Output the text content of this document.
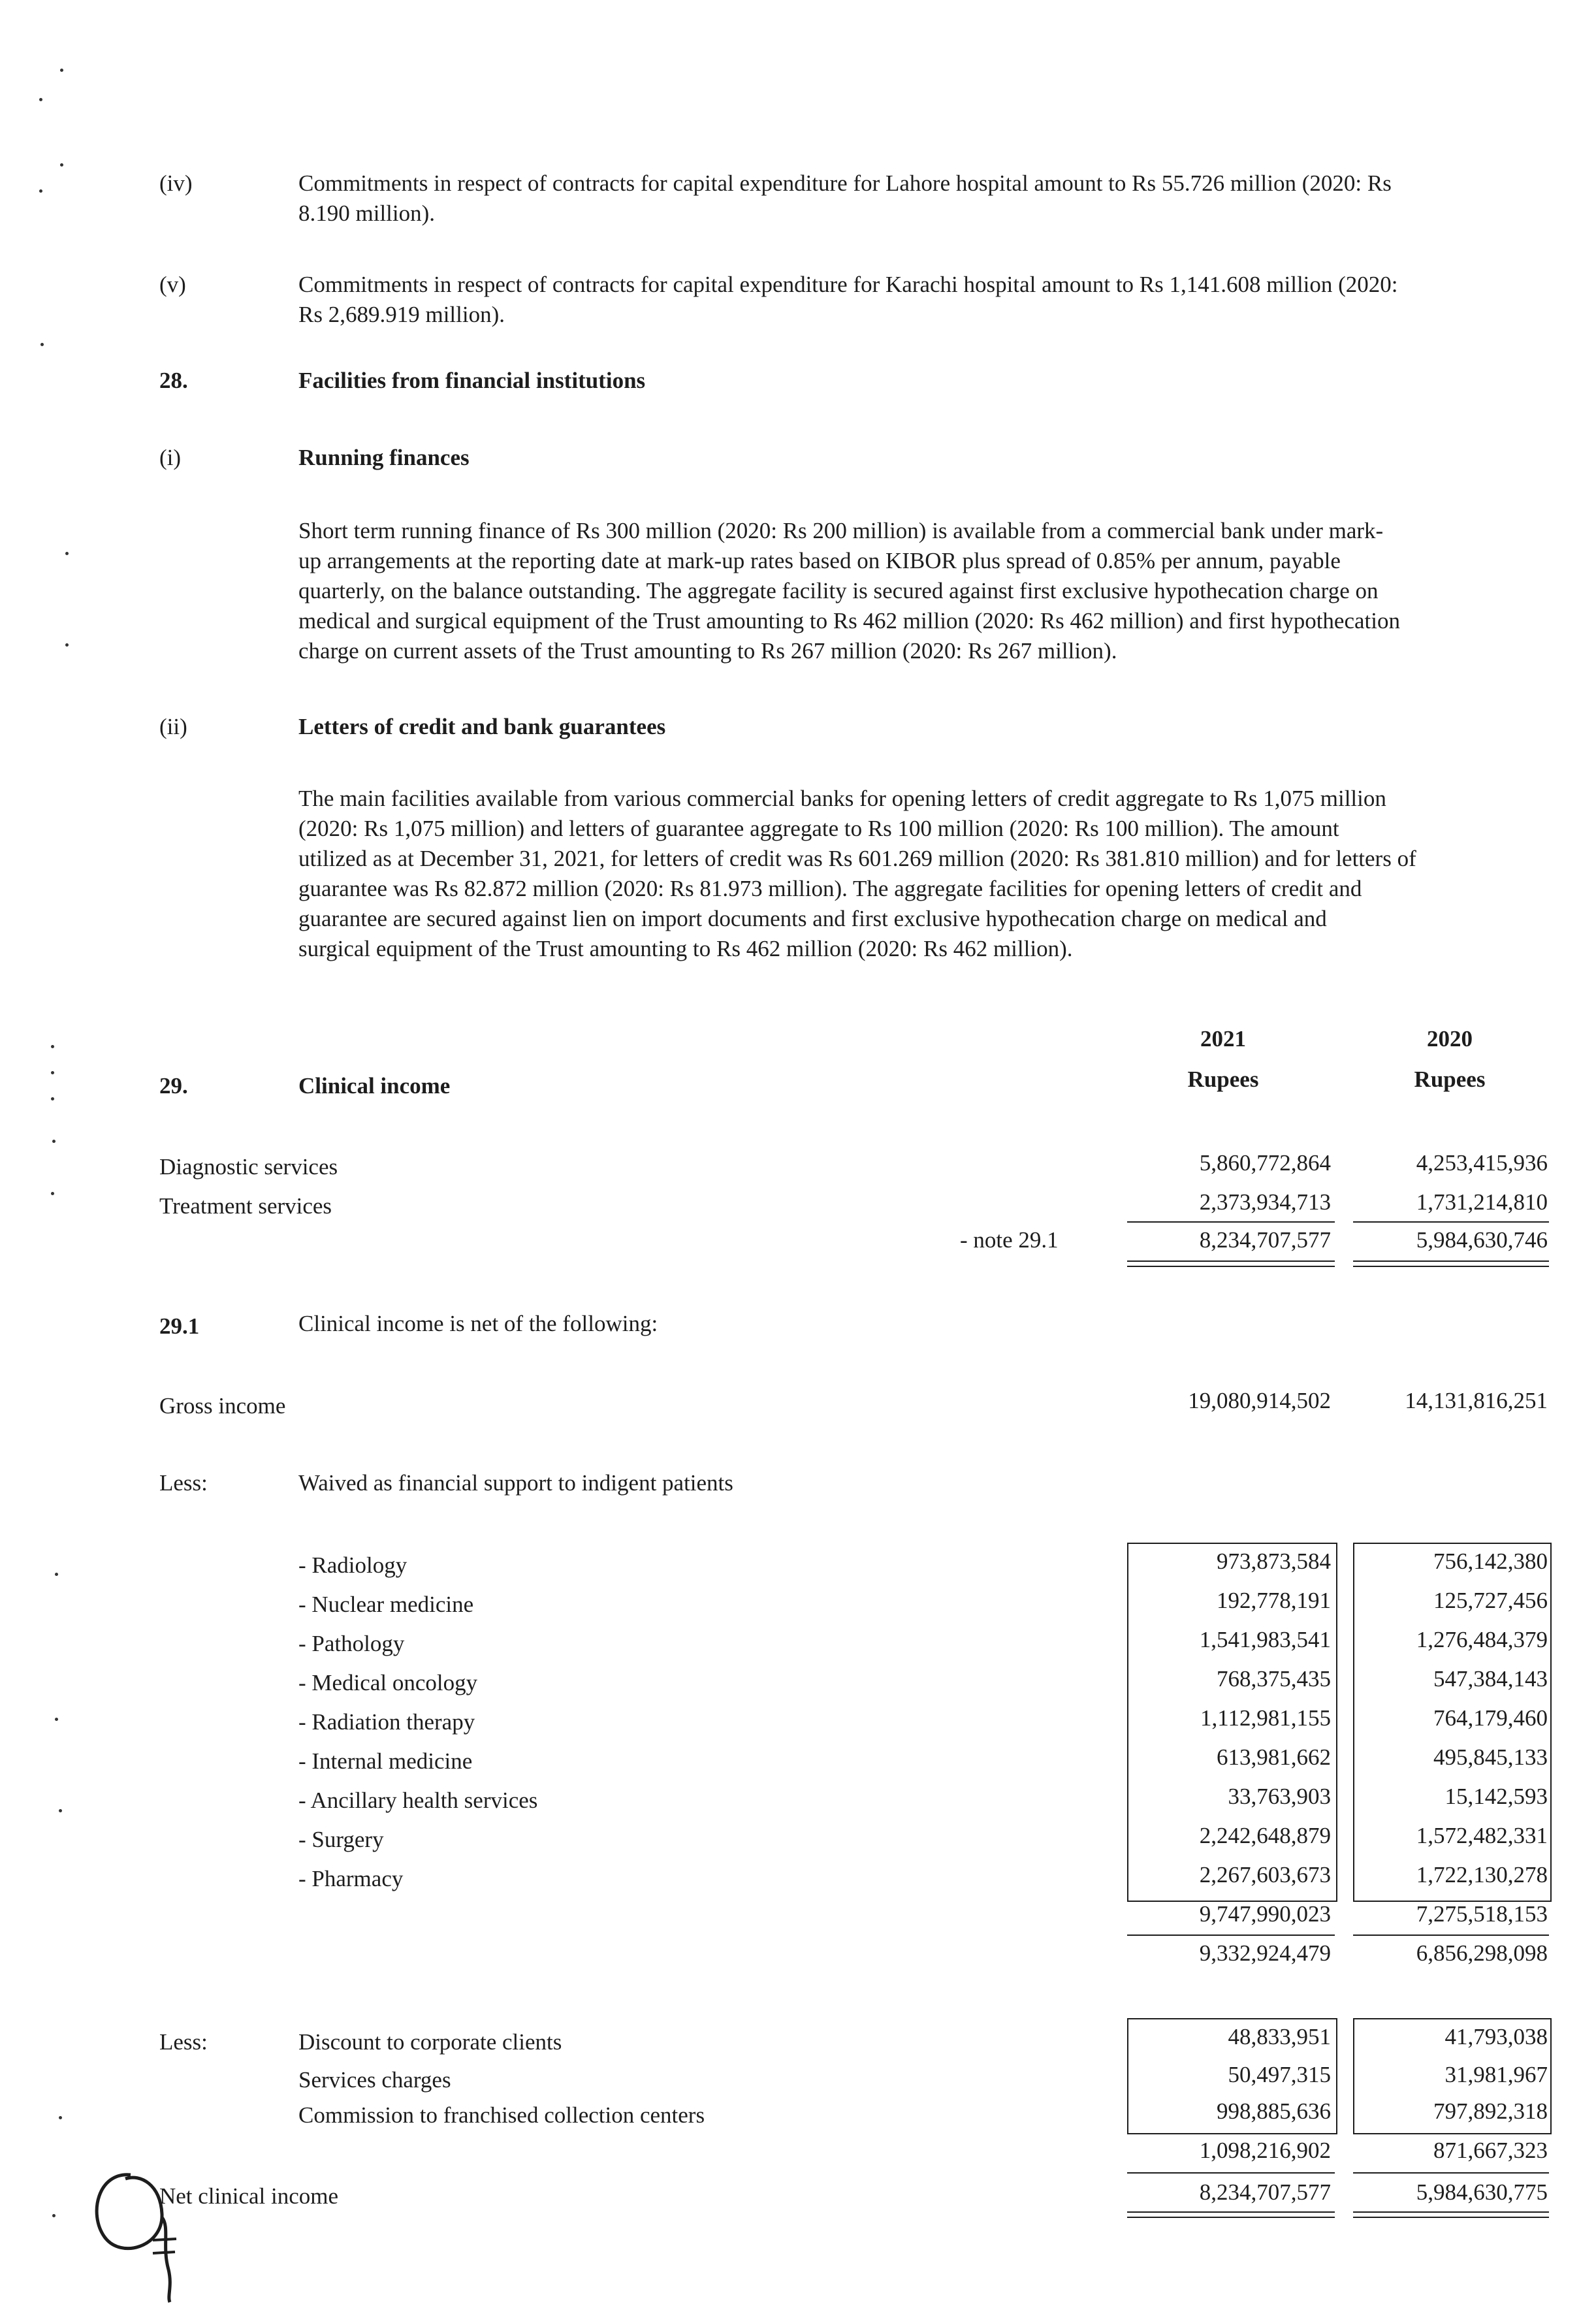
(iv)	Commitments in respect of contracts for capital expenditure for Lahore hospital amount to Rs 55.726 million (2020: Rs
8.190 million).
(v)	Commitments in respect of contracts for capital expenditure for Karachi hospital amount to Rs 1,141.608 million (2020:
Rs 2,689.919 million).
28.	Facilities from financial institutions
(i)	Running finances
Short term running finance of Rs 300 million (2020: Rs 200 million) is available from a commercial bank under mark-
up arrangements at the reporting date at mark-up rates based on KIBOR plus spread of 0.85% per annum, payable
quarterly, on the balance outstanding. The aggregate facility is secured against first exclusive hypothecation charge on
medical and surgical equipment of the Trust amounting to Rs 462 million (2020: Rs 462 million) and first hypothecation
charge on current assets of the Trust amounting to Rs 267 million (2020: Rs 267 million).
(ii)	Letters of credit and bank guarantees
The main facilities available from various commercial banks for opening letters of credit aggregate to Rs 1,075 million
(2020: Rs 1,075 million) and letters of guarantee aggregate to Rs 100 million (2020: Rs 100 million). The amount
utilized as at December 31, 2021, for letters of credit was Rs 601.269 million (2020: Rs 381.810 million) and for letters of
guarantee was Rs 82.872 million (2020: Rs 81.973 million). The aggregate facilities for opening letters of credit and
guarantee are secured against lien on import documents and first exclusive hypothecation charge on medical and
surgical equipment of the Trust amounting to Rs 462 million (2020: Rs 462 million).
2021	2020
Rupees	Rupees
29.	Clinical income
Diagnostic services	5,860,772,864	4,253,415,936
Treatment services	2,373,934,713	1,731,214,810
- note 29.1	8,234,707,577	5,984,630,746
29.1	Clinical income is net of the following:
Gross income	19,080,914,502	14,131,816,251
Less:	Waived as financial support to indigent patients
- Radiology	973,873,584	756,142,380
- Nuclear medicine	192,778,191	125,727,456
- Pathology	1,541,983,541	1,276,484,379
- Medical oncology	768,375,435	547,384,143
- Radiation therapy	1,112,981,155	764,179,460
- Internal medicine	613,981,662	495,845,133
- Ancillary health services	33,763,903	15,142,593
- Surgery	2,242,648,879	1,572,482,331
- Pharmacy	2,267,603,673	1,722,130,278
9,747,990,023	7,275,518,153
9,332,924,479	6,856,298,098
Less:	Discount to corporate clients	48,833,951	41,793,038
Services charges	50,497,315	31,981,967
Commission to franchised collection centers	998,885,636	797,892,318
1,098,216,902	871,667,323
Net clinical income	8,234,707,577	5,984,630,775
